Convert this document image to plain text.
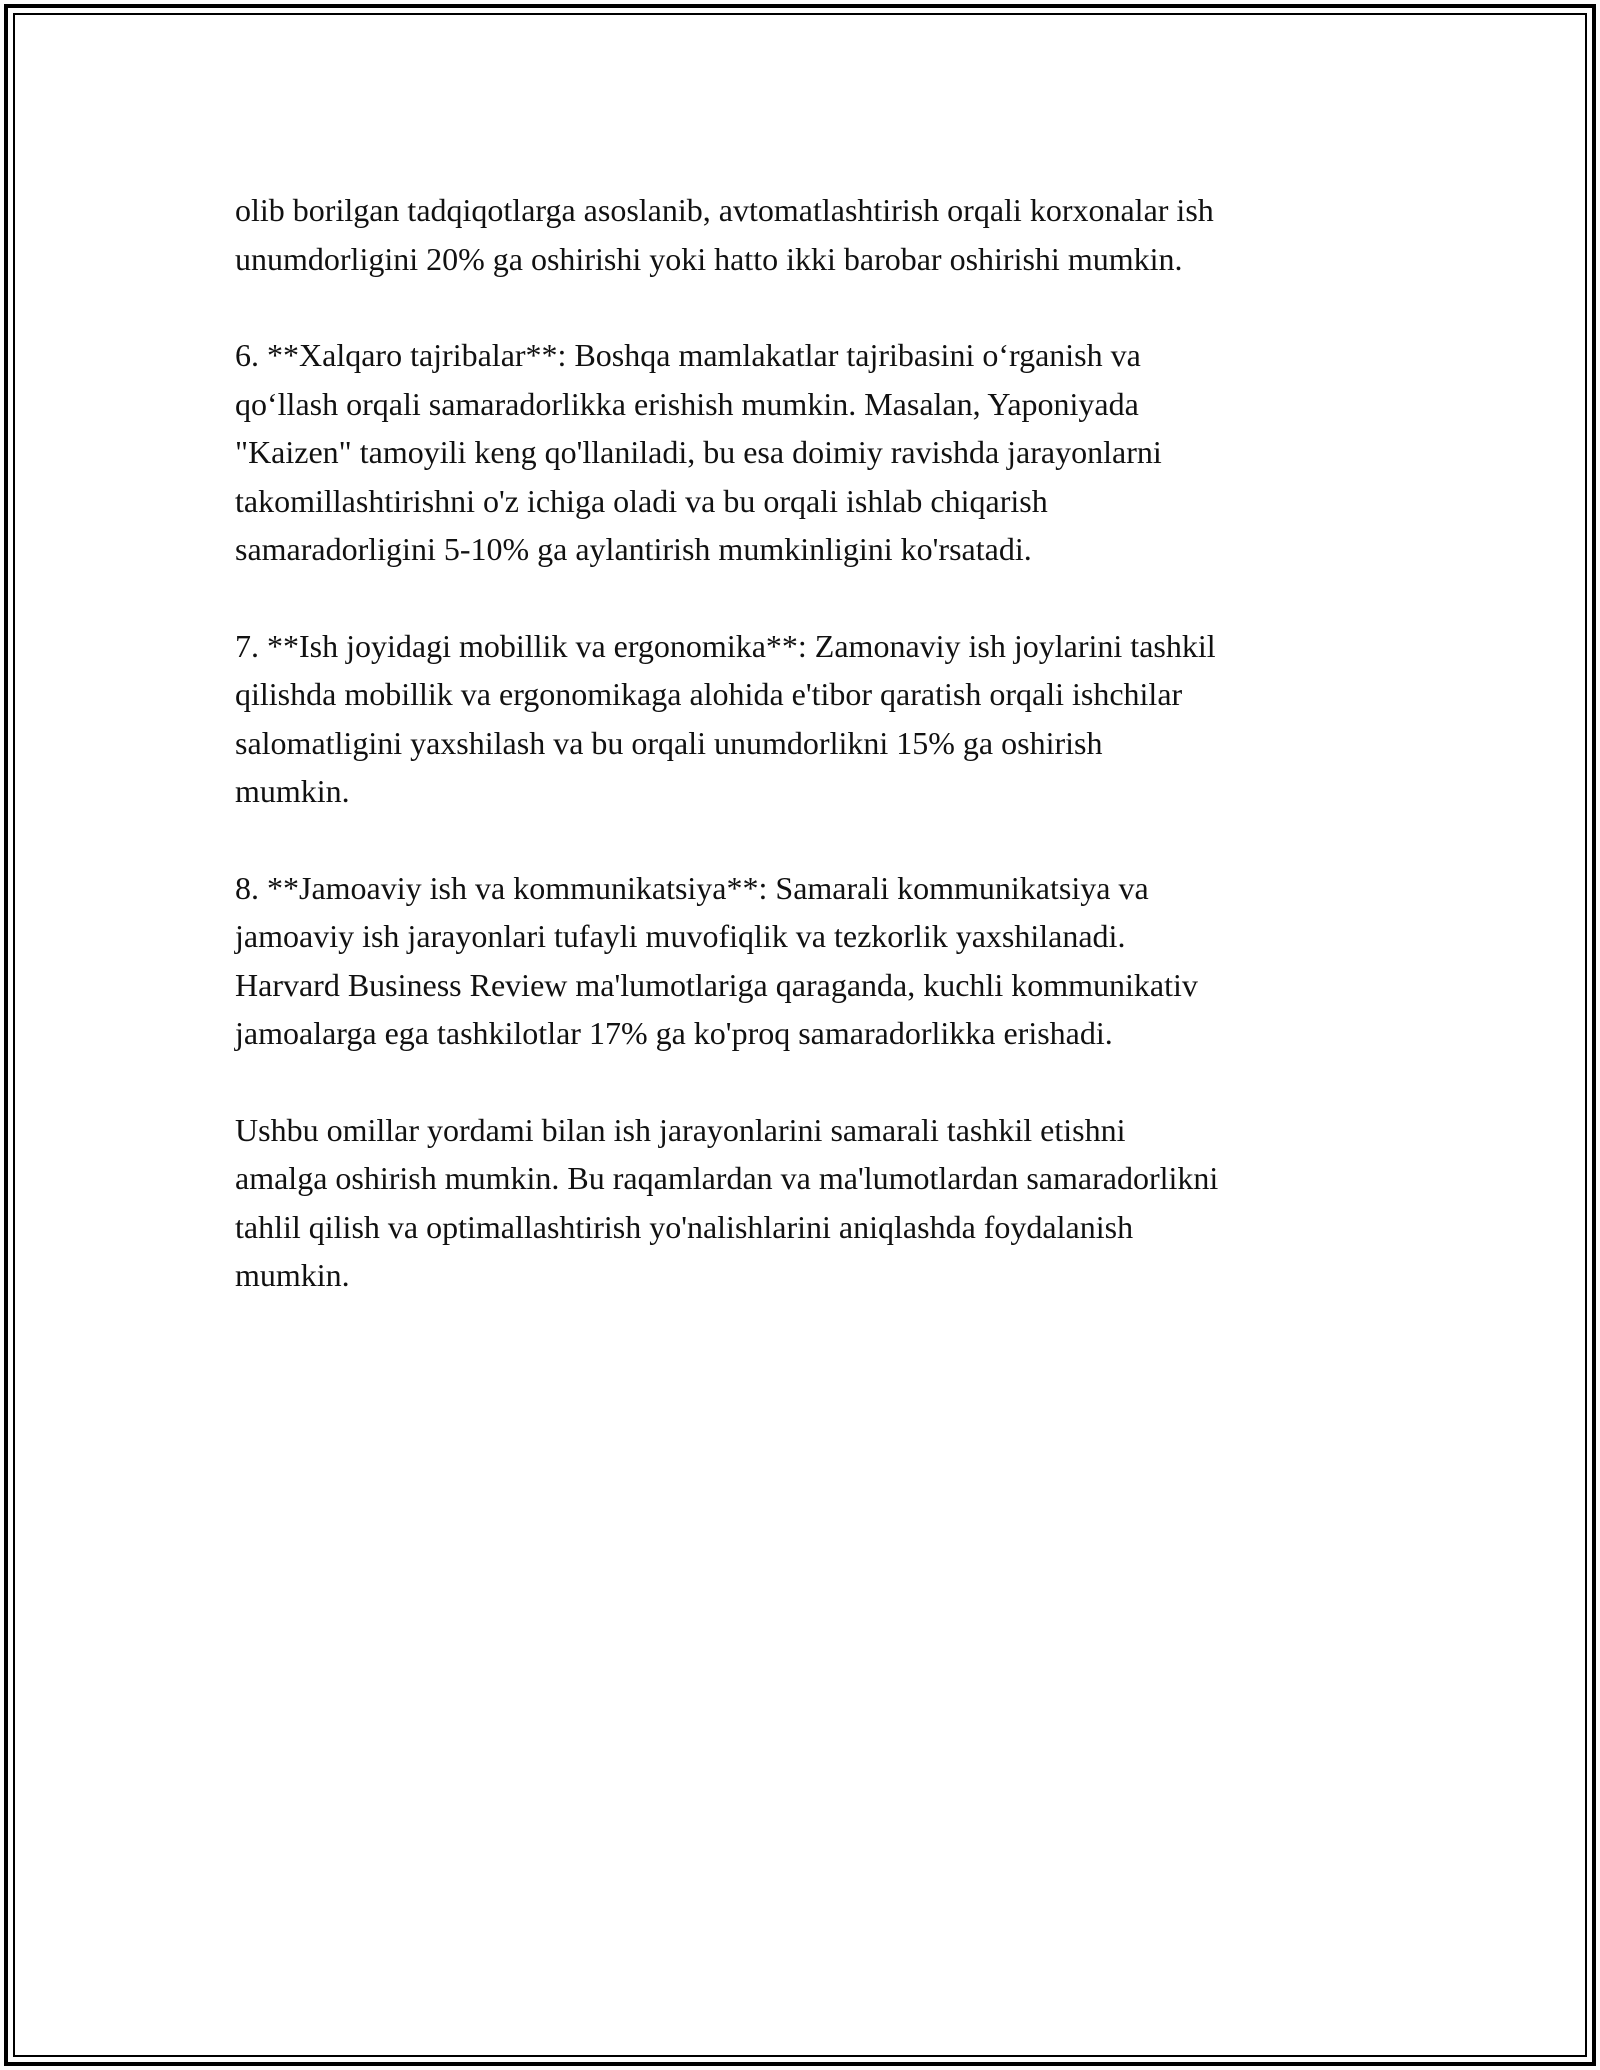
olib borilgan tadqiqotlarga asoslanib, avtomatlashtirish orqali korxonalar ish
unumdorligini 20% ga oshirishi yoki hatto ikki barobar oshirishi mumkin.

6. **Xalqaro tajribalar**: Boshqa mamlakatlar tajribasini o‘rganish va
qo‘llash orqali samaradorlikka erishish mumkin. Masalan, Yaponiyada
"Kaizen" tamoyili keng qo'llaniladi, bu esa doimiy ravishda jarayonlarni
takomillashtirishni o'z ichiga oladi va bu orqali ishlab chiqarish
samaradorligini 5-10% ga aylantirish mumkinligini ko'rsatadi.

7. **Ish joyidagi mobillik va ergonomika**: Zamonaviy ish joylarini tashkil
qilishda mobillik va ergonomikaga alohida e'tibor qaratish orqali ishchilar
salomatligini yaxshilash va bu orqali unumdorlikni 15% ga oshirish
mumkin.

8. **Jamoaviy ish va kommunikatsiya**: Samarali kommunikatsiya va
jamoaviy ish jarayonlari tufayli muvofiqlik va tezkorlik yaxshilanadi.
Harvard Business Review ma'lumotlariga qaraganda, kuchli kommunikativ
jamoalarga ega tashkilotlar 17% ga ko'proq samaradorlikka erishadi.

Ushbu omillar yordami bilan ish jarayonlarini samarali tashkil etishni
amalga oshirish mumkin. Bu raqamlardan va ma'lumotlardan samaradorlikni
tahlil qilish va optimallashtirish yo'nalishlarini aniqlashda foydalanish
mumkin.
